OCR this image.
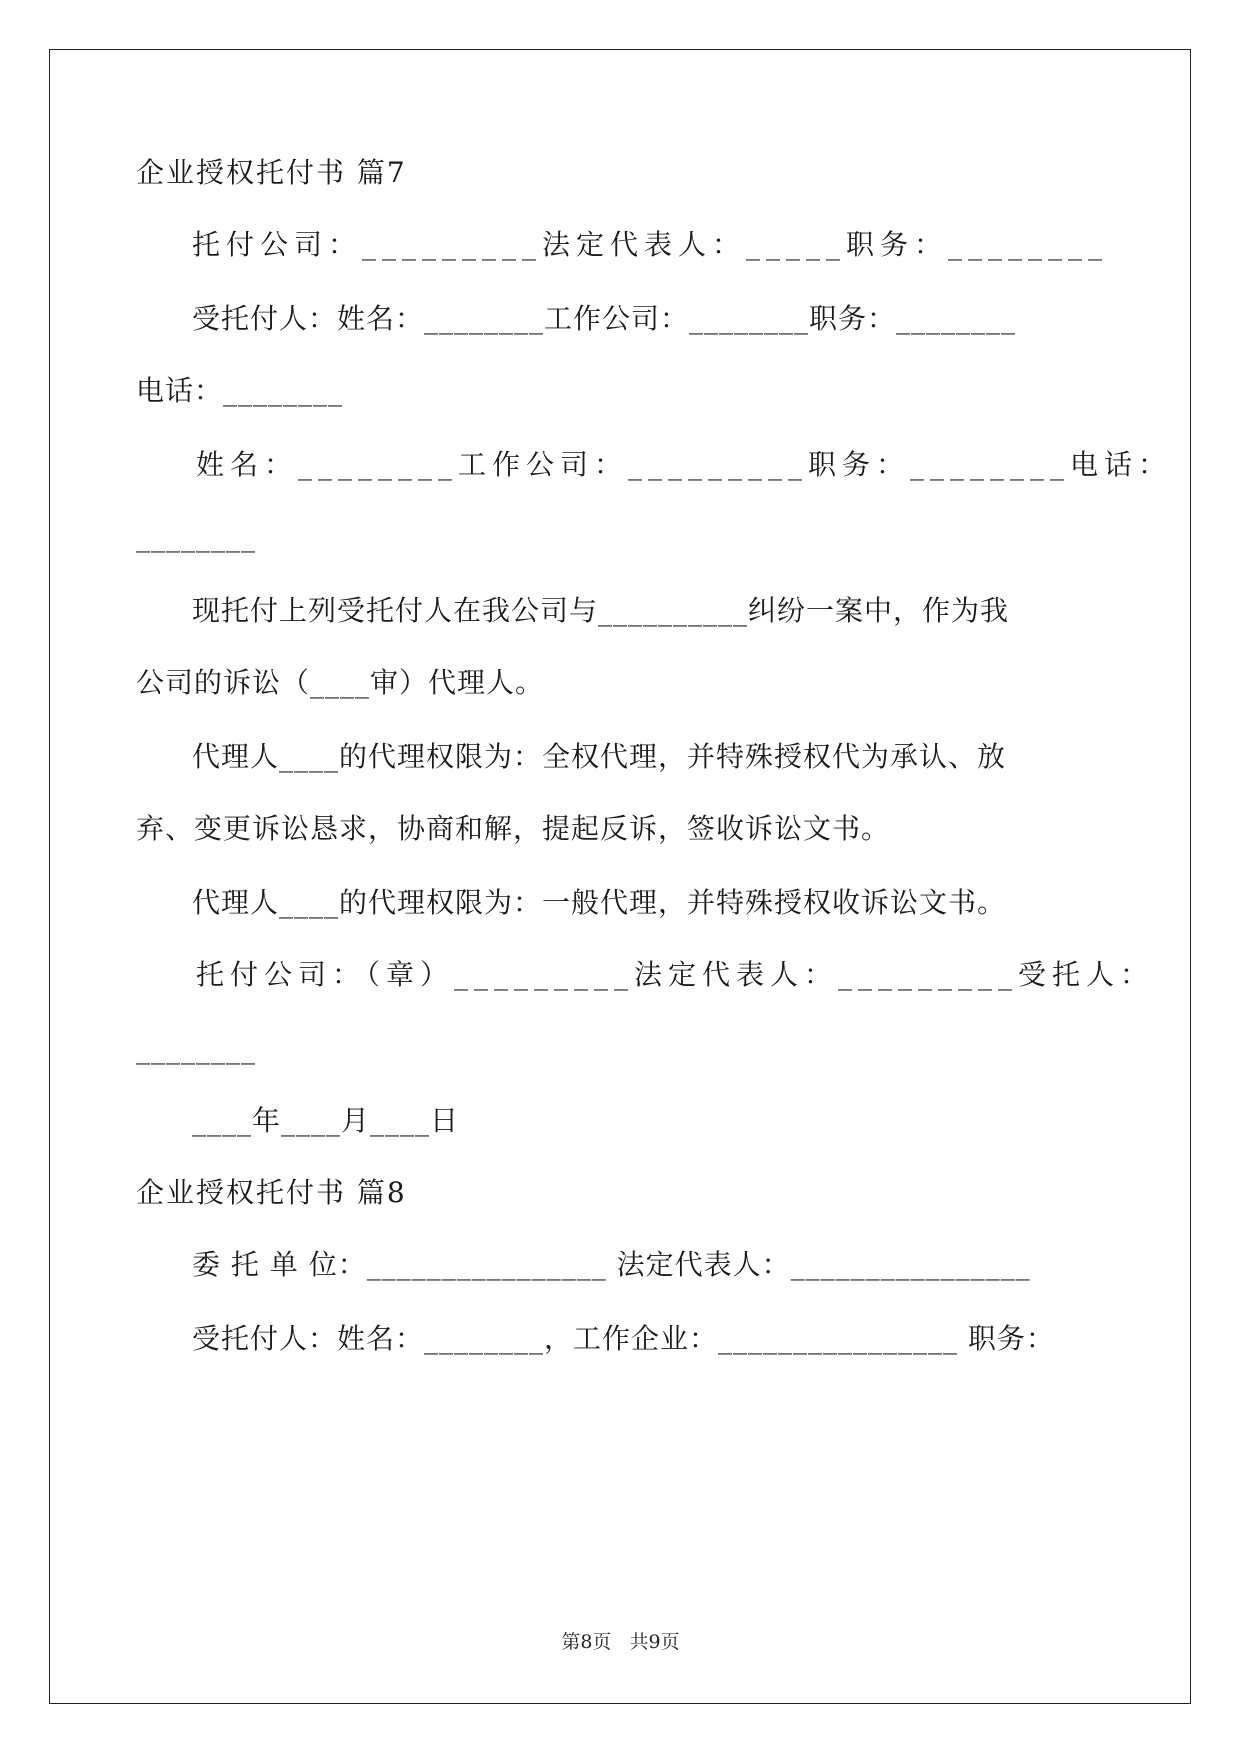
企业授权托付书 篇7
托付公司：_________法定代表人：_____职务：________
受托付人：姓名：________工作公司：________职务：________
电话：________
姓名：________工作公司：_________职务：________电话：
________
现托付上列受托付人在我公司与__________纠纷一案中，作为我
公司的诉讼（____审）代理人。
代理人____的代理权限为：全权代理，并特殊授权代为承认、放
弃、变更诉讼恳求，协商和解，提起反诉，签收诉讼文书。
代理人____的代理权限为：一般代理，并特殊授权收诉讼文书。
托付公司：（章）_________法定代表人：_________受托人：
________
____年____月____日
企业授权托付书 篇8
委 托 单 位：________________ 法定代表人：________________
受托付人：姓名：________，工作企业：________________ 职务：
第8页   共9页
